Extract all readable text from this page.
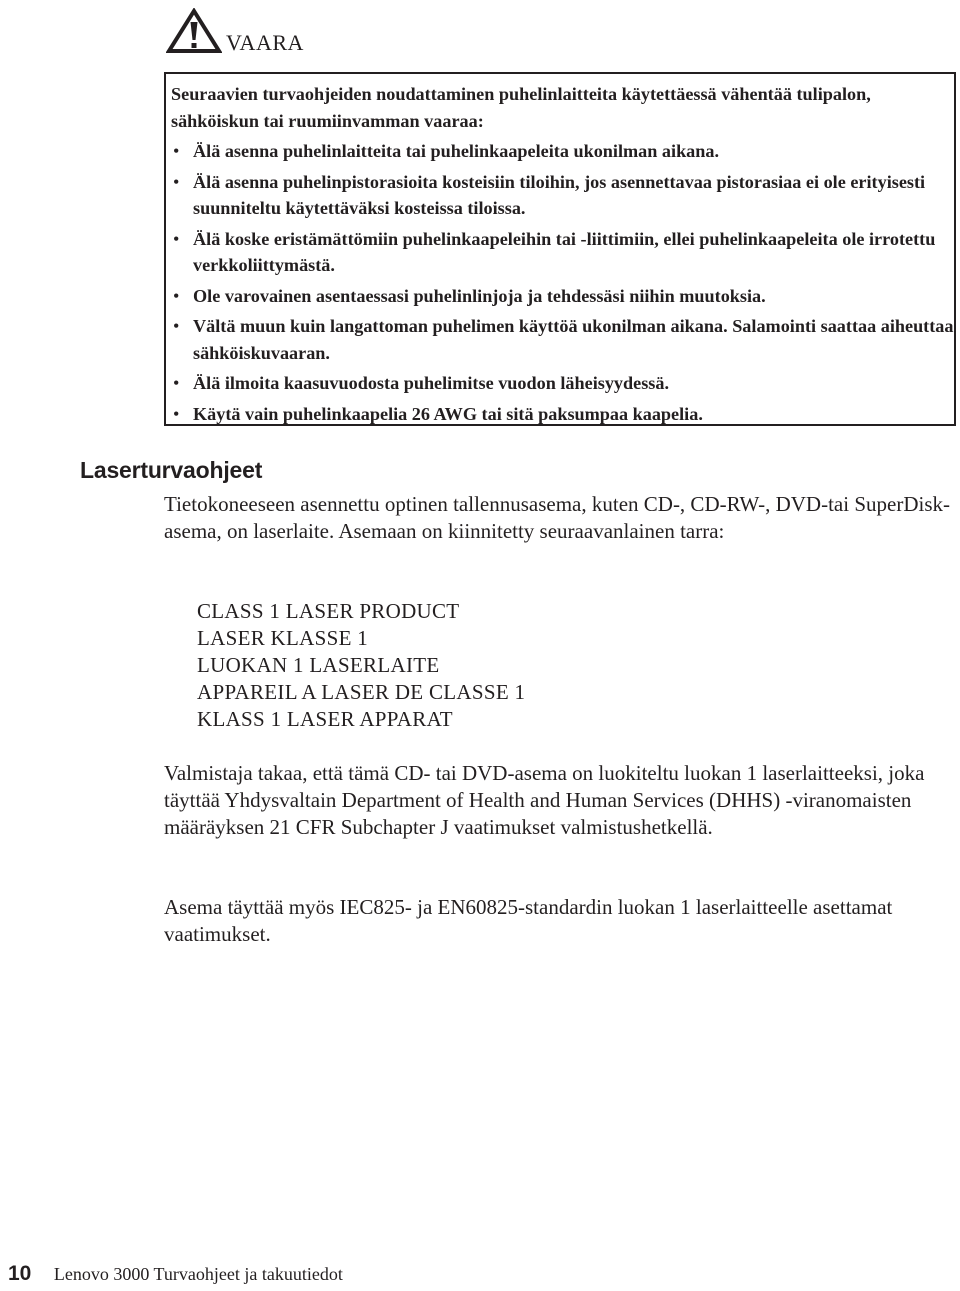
VAARA

Seuraavien turvaohjeiden noudattaminen puhelinlaitteita käytettäessä vähentää tulipalon, sähköiskun tai ruumiinvamman vaaraa:

• Älä asenna puhelinlaitteita tai puhelinkaapeleita ukonilman aikana.
• Älä asenna puhelinpistorasioita kosteisiin tiloihin, jos asennettavaa pistorasiaa ei ole erityisesti suunniteltu käytettäväksi kosteissa tiloissa.
• Älä koske eristämättömiin puhelinkaapeleihin tai -liittimiin, ellei puhelinkaapeleita ole irrotettu verkkoliittymästä.
• Ole varovainen asentaessasi puhelinlinjoja ja tehdessäsi niihin muutoksia.
• Vältä muun kuin langattoman puhelimen käyttöä ukonilman aikana. Salamointi saattaa aiheuttaa sähköiskuvaaran.
• Älä ilmoita kaasuvuodosta puhelimitse vuodon läheisyydessä.
• Käytä vain puhelinkaapelia 26 AWG tai sitä paksumpaa kaapelia.
Laserturvaohjeet

Tietokoneeseen asennettu optinen tallennusasema, kuten CD-, CD-RW-, DVD-tai SuperDisk-asema, on laserlaite. Asemaan on kiinnitetty seuraavanlainen tarra:

CLASS 1 LASER PRODUCT
LASER KLASSE 1
LUOKAN 1 LASERLAITE
APPAREIL A LASER DE CLASSE 1
KLASS 1 LASER APPARAT

Valmistaja takaa, että tämä CD- tai DVD-asema on luokiteltu luokan 1 laserlaitteeksi, joka täyttää Yhdysvaltain Department of Health and Human Services (DHHS) -viranomaisten määräyksen 21 CFR Subchapter J vaatimukset valmistushetkellä.

Asema täyttää myös IEC825- ja EN60825-standardin luokan 1 laserlaitteelle asettamat vaatimukset.

10 Lenovo 3000 Turvaohjeet ja takuutiedot
